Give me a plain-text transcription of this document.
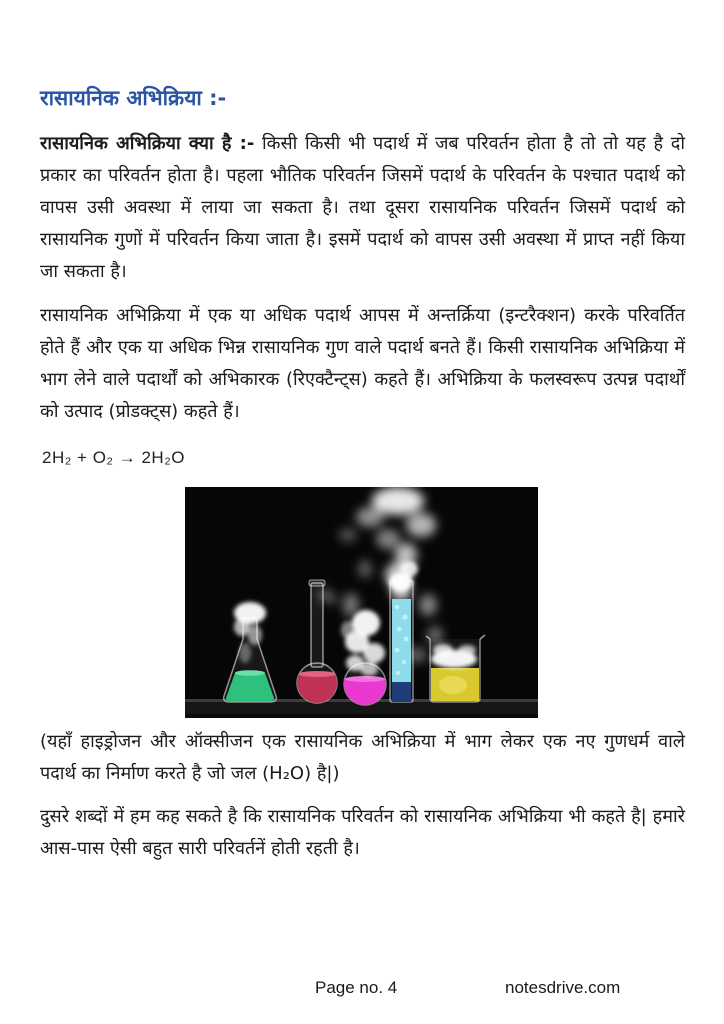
रासायनिक अभिक्रिया :-

रासायनिक अभिक्रिया क्या है :- किसी किसी भी पदार्थ में जब परिवर्तन होता है तो तो यह है दो प्रकार का परिवर्तन होता है। पहला भौतिक परिवर्तन जिसमें पदार्थ के परिवर्तन के पश्चात पदार्थ को वापस उसी अवस्था में लाया जा सकता है। तथा दूसरा रासायनिक परिवर्तन जिसमें पदार्थ को रासायनिक गुणों में परिवर्तन किया जाता है। इसमें पदार्थ को वापस उसी अवस्था में प्राप्त नहीं किया जा सकता है।

रासायनिक अभिक्रिया में एक या अधिक पदार्थ आपस में अन्तर्क्रिया (इन्टरैक्शन) करके परिवर्तित होते हैं और एक या अधिक भिन्न रासायनिक गुण वाले पदार्थ बनते हैं। किसी रासायनिक अभिक्रिया में भाग लेने वाले पदार्थों को अभिकारक (रिएक्टैन्ट्स) कहते हैं। अभिक्रिया के फलस्वरूप उत्पन्न पदार्थों को उत्पाद (प्रोडक्ट्स) कहते हैं।

2H₂ + O₂ → 2H₂O

(यहाँ हाइड्रोजन और ऑक्सीजन एक रासायनिक अभिक्रिया में भाग लेकर एक नए गुणधर्म वाले पदार्थ का निर्माण करते है जो जल (H₂O) है|)

दुसरे शब्दों में हम कह सकते है कि रासायनिक परिवर्तन को रासायनिक अभिक्रिया भी कहते है| हमारे आस-पास ऐसी बहुत सारी परिवर्तनें होती रहती है।

Page no. 4	notesdrive.com
